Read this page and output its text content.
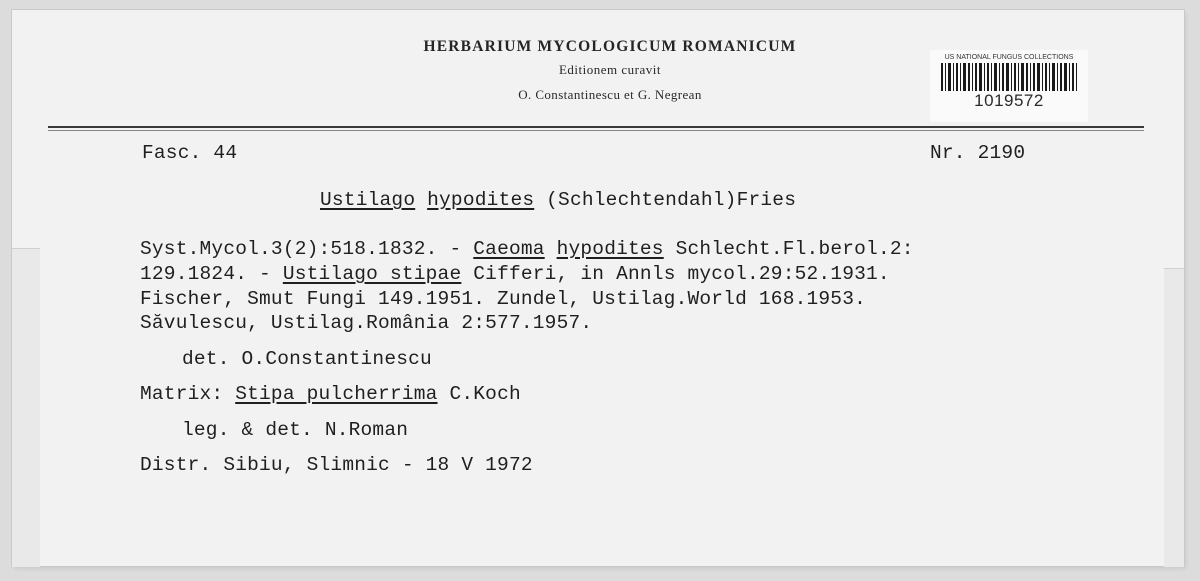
HERBARIUM MYCOLOGICUM ROMANICUM
Editionem curavit
O. Constantinescu et G. Negrean
US NATIONAL FUNGUS COLLECTIONS
1019572
Fasc. 44	Nr. 2190
Ustilago hypodites (Schlechtendahl)Fries
Syst.Mycol.3(2):518.1832. - Caeoma hypodites Schlecht.Fl.berol.2:
129.1824. - Ustilago stipae Cifferi, in Annls mycol.29:52.1931.
Fischer, Smut Fungi 149.1951. Zundel, Ustilag.World 168.1953.
Săvulescu, Ustilag.România 2:577.1957.
det. O.Constantinescu
Matrix: Stipa pulcherrima C.Koch
leg. & det. N.Roman
Distr. Sibiu, Slimnic - 18 V 1972
